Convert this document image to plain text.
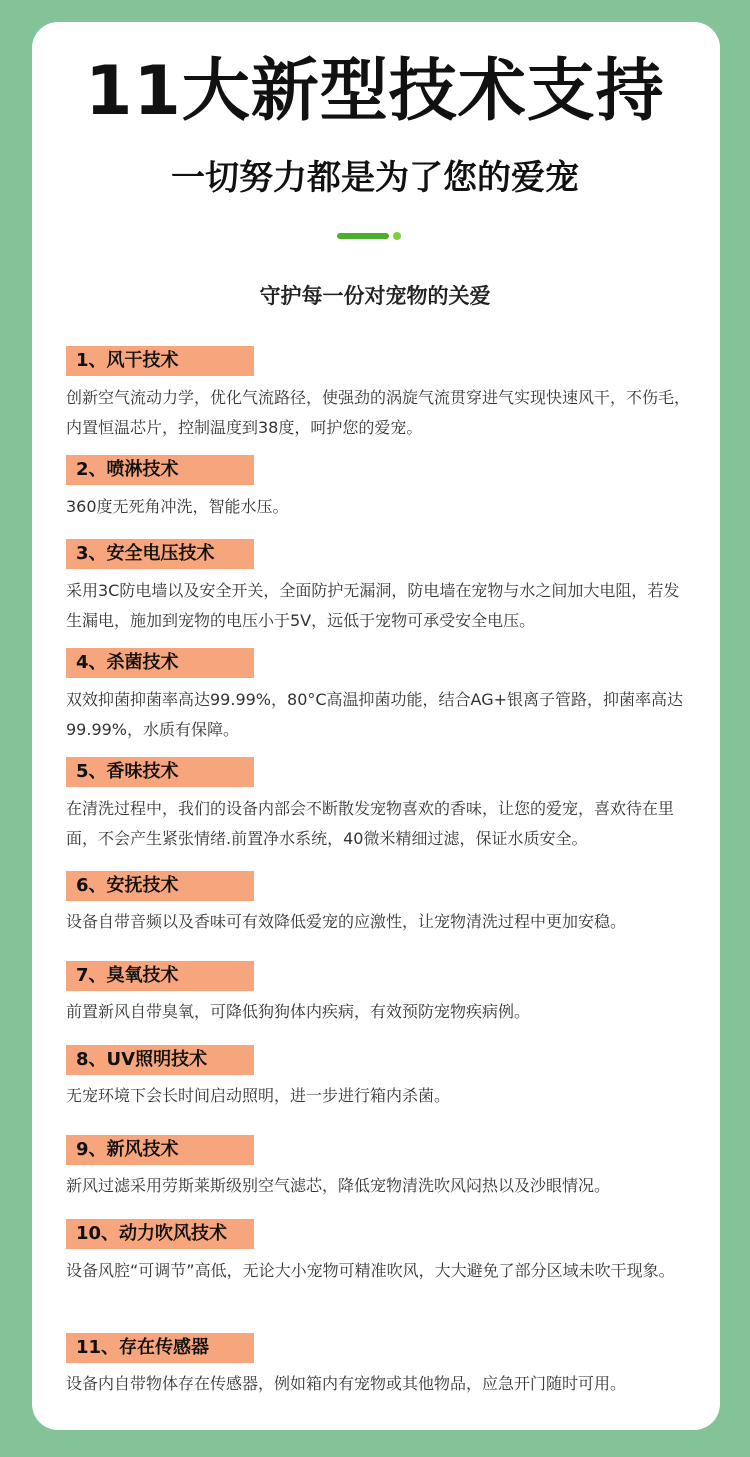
11大新型技术支持
一切努力都是为了您的爱宠
守护每一份对宠物的关爱
1、风干技术
创新空气流动力学，优化气流路径，使强劲的涡旋气流贯穿进气实现快速风干，不伤毛，内置恒温芯片，控制温度到38度，呵护您的爱宠。
2、喷淋技术
360度无死角冲洗，智能水压。
3、安全电压技术
采用3C防电墙以及安全开关，全面防护无漏洞，防电墙在宠物与水之间加大电阻，若发生漏电，施加到宠物的电压小于5V，远低于宠物可承受安全电压。
4、杀菌技术
双效抑菌抑菌率高达99.99%，80°C高温抑菌功能，结合AG+银离子管路，抑菌率高达99.99%，水质有保障。
5、香味技术
在清洗过程中，我们的设备内部会不断散发宠物喜欢的香味，让您的爱宠，喜欢待在里面，不会产生紧张情绪.前置净水系统，40微米精细过滤，保证水质安全。
6、安抚技术
设备自带音频以及香味可有效降低爱宠的应激性，让宠物清洗过程中更加安稳。
7、臭氧技术
前置新风自带臭氧，可降低狗狗体内疾病，有效预防宠物疾病例。
8、UV照明技术
无宠环境下会长时间启动照明，进一步进行箱内杀菌。
9、新风技术
新风过滤采用劳斯莱斯级别空气滤芯，降低宠物清洗吹风闷热以及沙眼情况。
10、动力吹风技术
设备风腔“可调节”高低，无论大小宠物可精准吹风，大大避免了部分区域未吹干现象。
11、存在传感器
设备内自带物体存在传感器，例如箱内有宠物或其他物品，应急开门随时可用。
